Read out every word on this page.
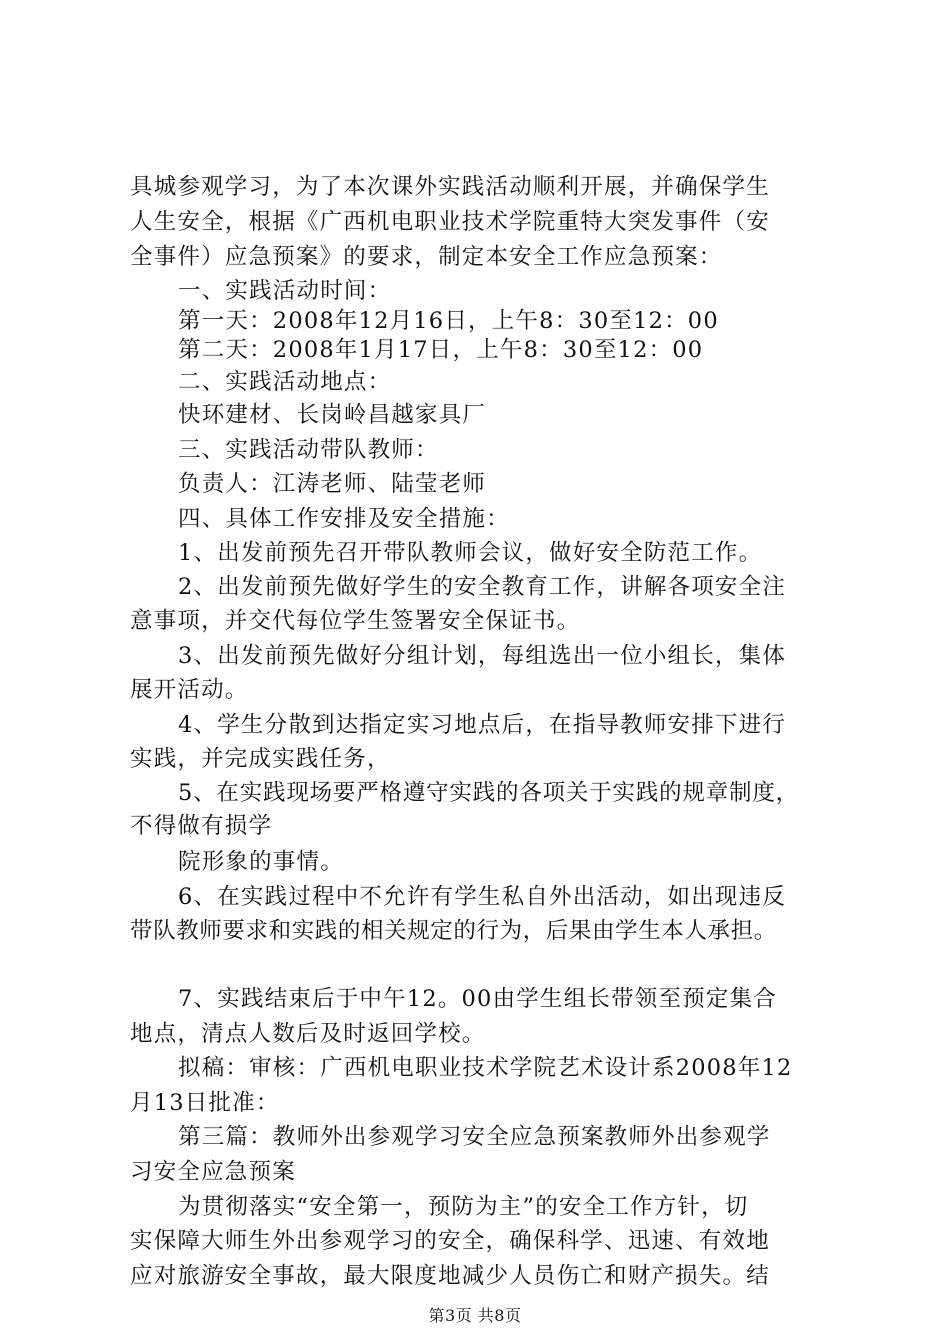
具城参观学习，为了本次课外实践活动顺利开展，并确保学生
人生安全，根据《广西机电职业技术学院重特大突发事件（安
全事件）应急预案》的要求，制定本安全工作应急预案：
一、实践活动时间：
第一天：2008年12月16日，上午8：30至12：00
第二天：2008年1月17日，上午8：30至12：00
二、实践活动地点：
快环建材、长岗岭昌越家具厂
三、实践活动带队教师：
负责人：江涛老师、陆莹老师
四、具体工作安排及安全措施：
1、出发前预先召开带队教师会议，做好安全防范工作。
2、出发前预先做好学生的安全教育工作，讲解各项安全注
意事项，并交代每位学生签署安全保证书。
3、出发前预先做好分组计划，每组选出一位小组长，集体
展开活动。
4、学生分散到达指定实习地点后，在指导教师安排下进行
实践，并完成实践任务，
5、在实践现场要严格遵守实践的各项关于实践的规章制度，
不得做有损学
院形象的事情。
6、在实践过程中不允许有学生私自外出活动，如出现违反
带队教师要求和实践的相关规定的行为，后果由学生本人承担。
7、实践结束后于中午12。00由学生组长带领至预定集合
地点，清点人数后及时返回学校。
拟稿：审核：广西机电职业技术学院艺术设计系2008年12
月13日批准：
第三篇：教师外出参观学习安全应急预案教师外出参观学
习安全应急预案
为贯彻落实“安全第一，预防为主”的安全工作方针，切
实保障大师生外出参观学习的安全，确保科学、迅速、有效地
应对旅游安全事故，最大限度地减少人员伤亡和财产损失。结
第3页 共8页
